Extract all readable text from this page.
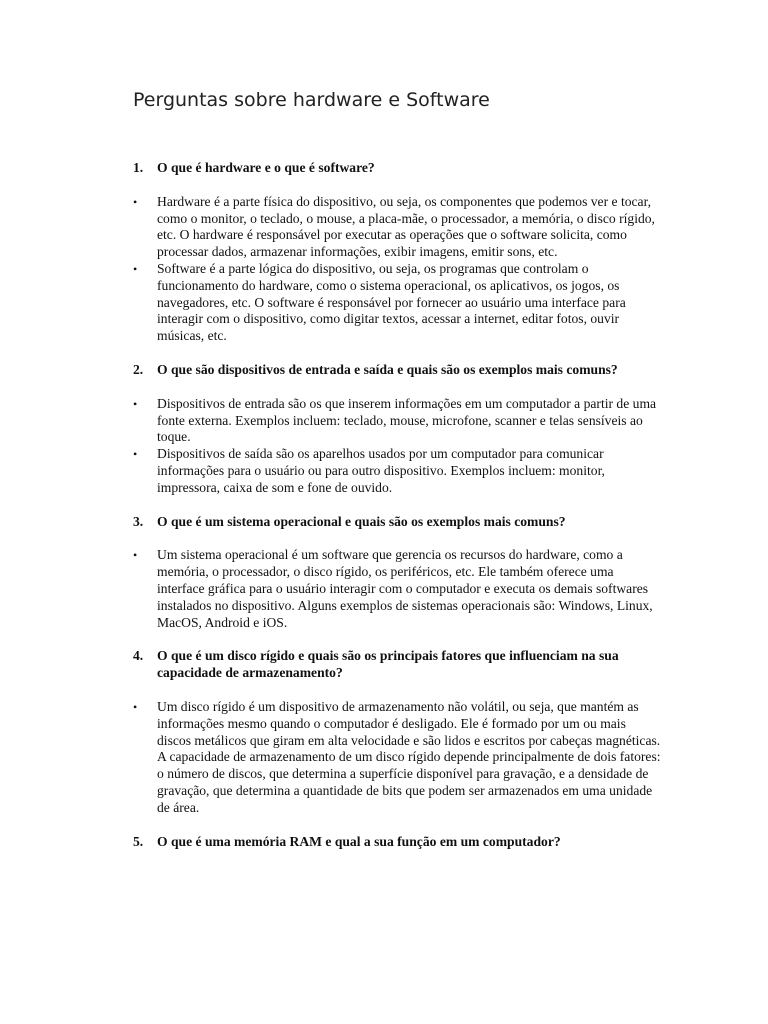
Perguntas sobre hardware e Software
1.	O que é hardware e o que é software?
•	Hardware é a parte física do dispositivo, ou seja, os componentes que podemos ver e tocar, como o monitor, o teclado, o mouse, a placa-mãe, o processador, a memória, o disco rígido, etc. O hardware é responsável por executar as operações que o software solicita, como processar dados, armazenar informações, exibir imagens, emitir sons, etc.
•	Software é a parte lógica do dispositivo, ou seja, os programas que controlam o funcionamento do hardware, como o sistema operacional, os aplicativos, os jogos, os navegadores, etc. O software é responsável por fornecer ao usuário uma interface para interagir com o dispositivo, como digitar textos, acessar a internet, editar fotos, ouvir músicas, etc.
2.	O que são dispositivos de entrada e saída e quais são os exemplos mais comuns?
•	Dispositivos de entrada são os que inserem informações em um computador a partir de uma fonte externa. Exemplos incluem: teclado, mouse, microfone, scanner e telas sensíveis ao toque.
•	Dispositivos de saída são os aparelhos usados por um computador para comunicar informações para o usuário ou para outro dispositivo. Exemplos incluem: monitor, impressora, caixa de som e fone de ouvido.
3.	O que é um sistema operacional e quais são os exemplos mais comuns?
•	Um sistema operacional é um software que gerencia os recursos do hardware, como a memória, o processador, o disco rígido, os periféricos, etc. Ele também oferece uma interface gráfica para o usuário interagir com o computador e executa os demais softwares instalados no dispositivo. Alguns exemplos de sistemas operacionais são: Windows, Linux, MacOS, Android e iOS.
4.	O que é um disco rígido e quais são os principais fatores que influenciam na sua capacidade de armazenamento?
•	Um disco rígido é um dispositivo de armazenamento não volátil, ou seja, que mantém as informações mesmo quando o computador é desligado. Ele é formado por um ou mais discos metálicos que giram em alta velocidade e são lidos e escritos por cabeças magnéticas. A capacidade de armazenamento de um disco rígido depende principalmente de dois fatores: o número de discos, que determina a superfície disponível para gravação, e a densidade de gravação, que determina a quantidade de bits que podem ser armazenados em uma unidade de área.
5.	O que é uma memória RAM e qual a sua função em um computador?
